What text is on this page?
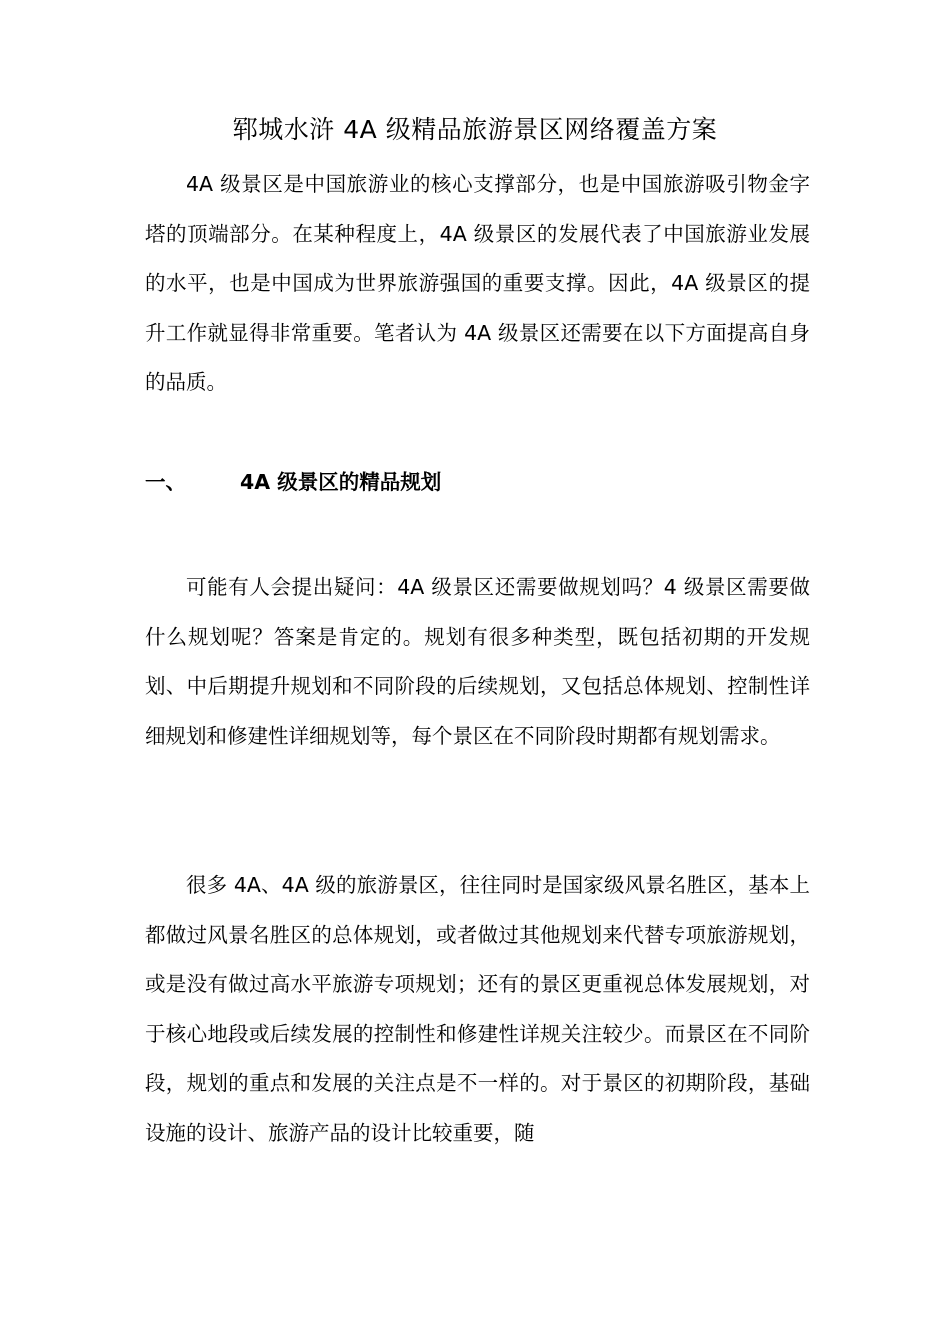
郓城水浒 4A 级精品旅游景区网络覆盖方案

4A 级景区是中国旅游业的核心支撑部分，也是中国旅游吸引物金字塔的顶端部分。在某种程度上，4A 级景区的发展代表了中国旅游业发展的水平，也是中国成为世界旅游强国的重要支撑。因此，4A 级景区的提升工作就显得非常重要。笔者认为 4A 级景区还需要在以下方面提高自身的品质。

一、	4A 级景区的精品规划

可能有人会提出疑问：4A 级景区还需要做规划吗？4 级景区需要做什么规划呢？答案是肯定的。规划有很多种类型，既包括初期的开发规划、中后期提升规划和不同阶段的后续规划，又包括总体规划、控制性详细规划和修建性详细规划等，每个景区在不同阶段时期都有规划需求。

很多 4A、4A 级的旅游景区，往往同时是国家级风景名胜区，基本上都做过风景名胜区的总体规划，或者做过其他规划来代替专项旅游规划，或是没有做过高水平旅游专项规划；还有的景区更重视总体发展规划，对于核心地段或后续发展的控制性和修建性详规关注较少。而景区在不同阶段，规划的重点和发展的关注点是不一样的。对于景区的初期阶段，基础设施的设计、旅游产品的设计比较重要，随
